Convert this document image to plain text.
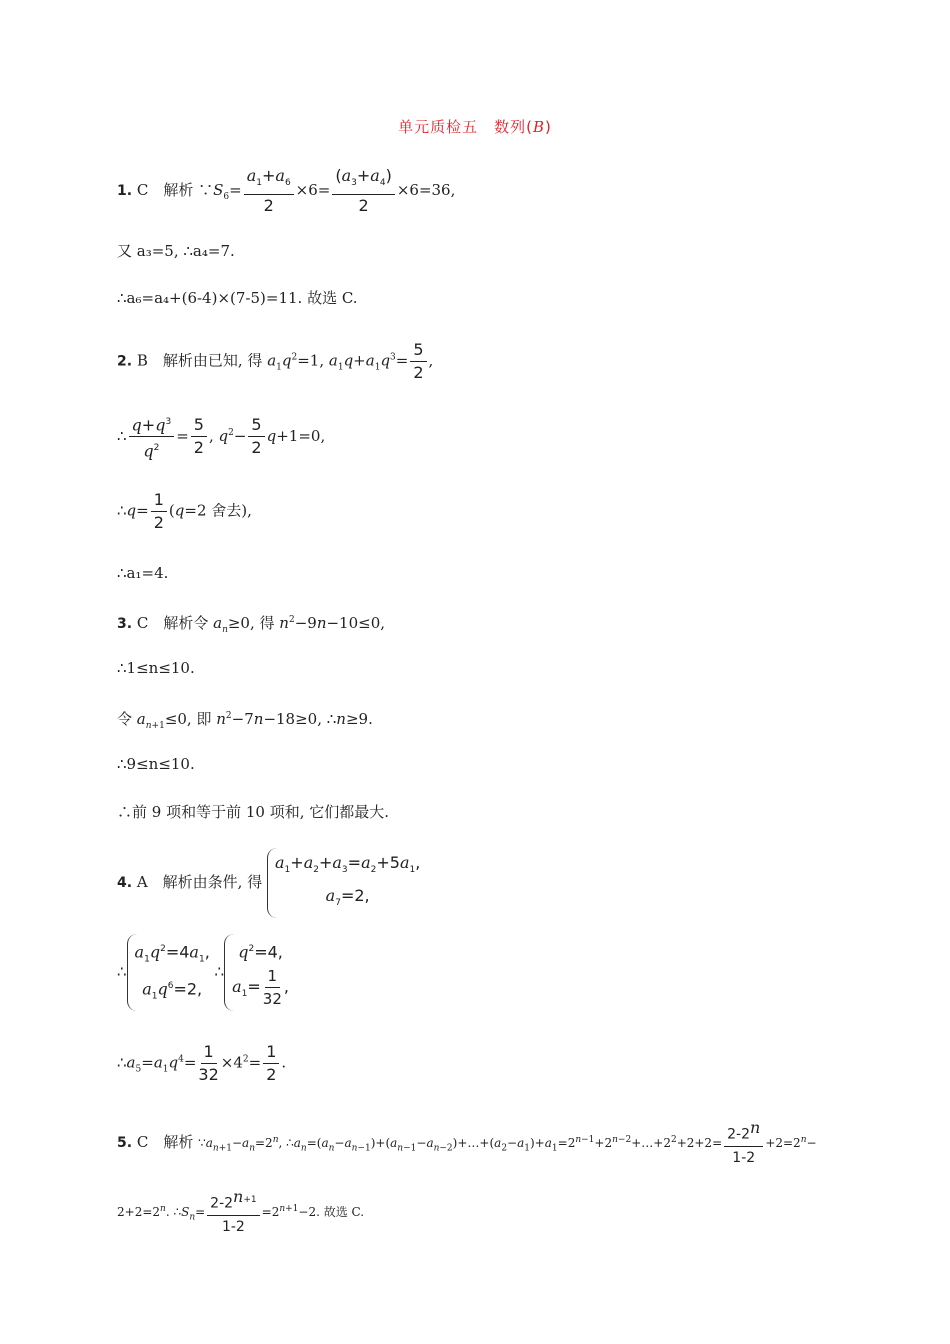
单元质检五　数列(B)
1. C　解析 $\because S_6= \frac{a_1+a_6}{2} \times 6= \frac{(a_3+a_4)}{2} \times 6=36$,
又 a₃=5, ∴a₄=7.
∴a₆=a₄+(6-4)×(7-5)=11. 故选 C.
2. B　解析由已知, 得 $a_1q^2=1$, $a_1q+a_1q^3= \frac{5}{2}$ ,
∴ $\frac{q+q^3}{q^2} = \frac{5}{2}$ , $q^2- \frac{5}{2} q+1=0$,
∴q= $\frac{1}{2} (q=2$ 舍去),
∴a₁=4.
3. C　解析令 $a_n\ge 0$, 得 $n^2-9n-10\le 0$,
∴1≤n≤10.
令 $a_{n+1}\le 0$, 即 $n^2-7n-18\ge 0$, ∴n≥9.
∴9≤n≤10.
∴前 9 项和等于前 10 项和, 它们都最大.
4. A　解析由条件, 得
$a_1+a_2+a_3=a_2+5a_1$,
$a_7=2$,
∴
$a_1q^2=4a_1$,
$a_1q^6=2$,
∴
$q^2=4$,
$a_1= \frac{1}{32}$ ,
$\therefore a_5=a_1q^4= \frac{1}{32} \times 4^2= \frac{1}{2}$ .
5. C　解析 $\because a_{n+1}-a_n=2^n$, $\therefore a_n=(a_n-a_{n-1})+(a_{n-1}-a_{n-2})+\dots+(a_2-a_1)+a_1=2^{n-1}+2^{n-2}+\dots+2^2+2+2= \frac{2-2^n}{1-2} +2=2^n-$
$2+2=2^n$. $\therefore S_n= \frac{2-2^{n+1}}{1-2} =2^{n+1}-2$. 故选 C.
